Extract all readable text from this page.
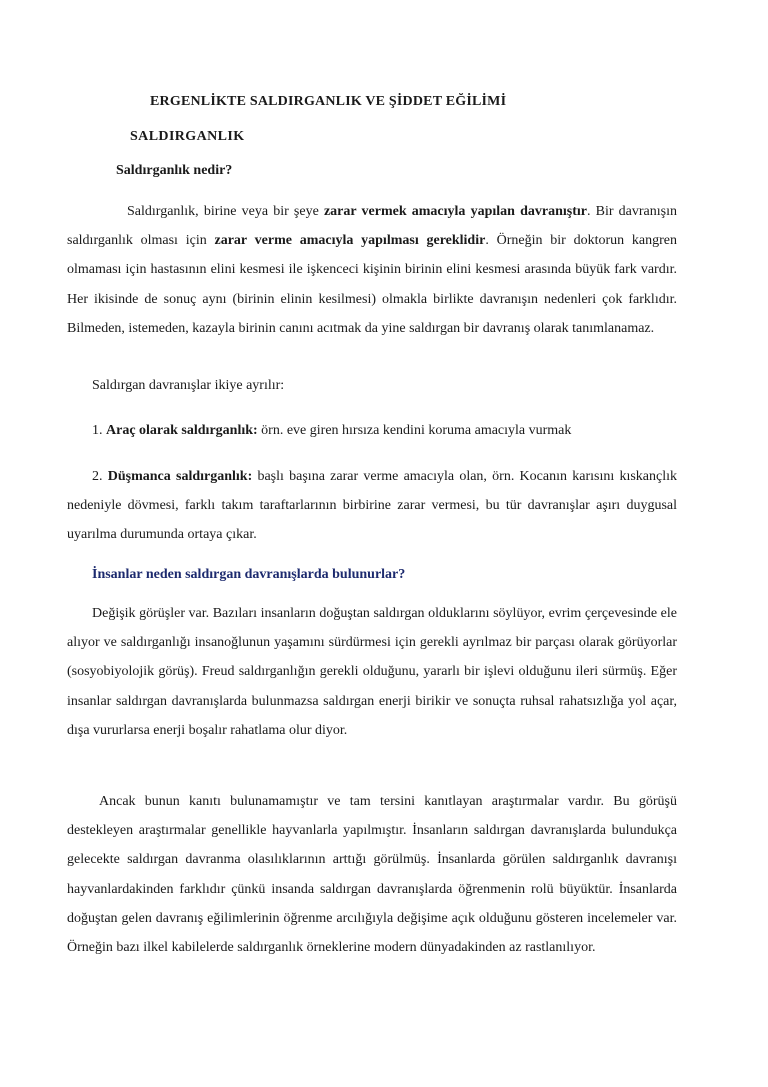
ERGENLİKTE SALDIRGANLIK VE ŞİDDET EĞİLİMİ
SALDIRGANLIK
Saldırganlık nedir?

Saldırganlık, birine veya bir şeye zarar vermek amacıyla yapılan davranıştır. Bir davranışın saldırganlık olması için zarar verme amacıyla yapılması gereklidir. Örneğin bir doktorun kangren olmaması için hastasının elini kesmesi ile işkenceci kişinin birinin elini kesmesi arasında büyük fark vardır. Her ikisinde de sonuç aynı (birinin elinin kesilmesi) olmakla birlikte davranışın nedenleri çok farklıdır. Bilmeden, istemeden, kazayla birinin canını acıtmak da yine saldırgan bir davranış olarak tanımlanamaz.

Saldırgan davranışlar ikiye ayrılır:

1. Araç olarak saldırganlık: örn. eve giren hırsıza kendini koruma amacıyla vurmak

2. Düşmanca saldırganlık: başlı başına zarar verme amacıyla olan, örn. Kocanın karısını kıskançlık nedeniyle dövmesi, farklı takım taraftarlarının birbirine zarar vermesi, bu tür davranışlar aşırı duygusal uyarılma durumunda ortaya çıkar.

İnsanlar neden saldırgan davranışlarda bulunurlar?

Değişik görüşler var. Bazıları insanların doğuştan saldırgan olduklarını söylüyor, evrim çerçevesinde ele alıyor ve saldırganlığı insanoğlunun yaşamını sürdürmesi için gerekli ayrılmaz bir parçası olarak görüyorlar (sosyobiyolojik görüş). Freud saldırganlığın gerekli olduğunu, yararlı bir işlevi olduğunu ileri sürmüş. Eğer insanlar saldırgan davranışlarda bulunmazsa saldırgan enerji birikir ve sonuçta ruhsal rahatsızlığa yol açar, dışa vururlarsa enerji boşalır rahatlama olur diyor.

Ancak bunun kanıtı bulunamamıştır ve tam tersini kanıtlayan araştırmalar vardır. Bu görüşü destekleyen araştırmalar genellikle hayvanlarla yapılmıştır. İnsanların saldırgan davranışlarda bulundukça gelecekte saldırgan davranma olasılıklarının arttığı görülmüş. İnsanlarda görülen saldırganlık davranışı hayvanlardakinden farklıdır çünkü insanda saldırgan davranışlarda öğrenmenin rolü büyüktür. İnsanlarda doğuştan gelen davranış eğilimlerinin öğrenme arcılığıyla değişime açık olduğunu gösteren incelemeler var. Örneğin bazı ilkel kabilelerde saldırganlık örneklerine modern dünyadakinden az rastlanılıyor.
